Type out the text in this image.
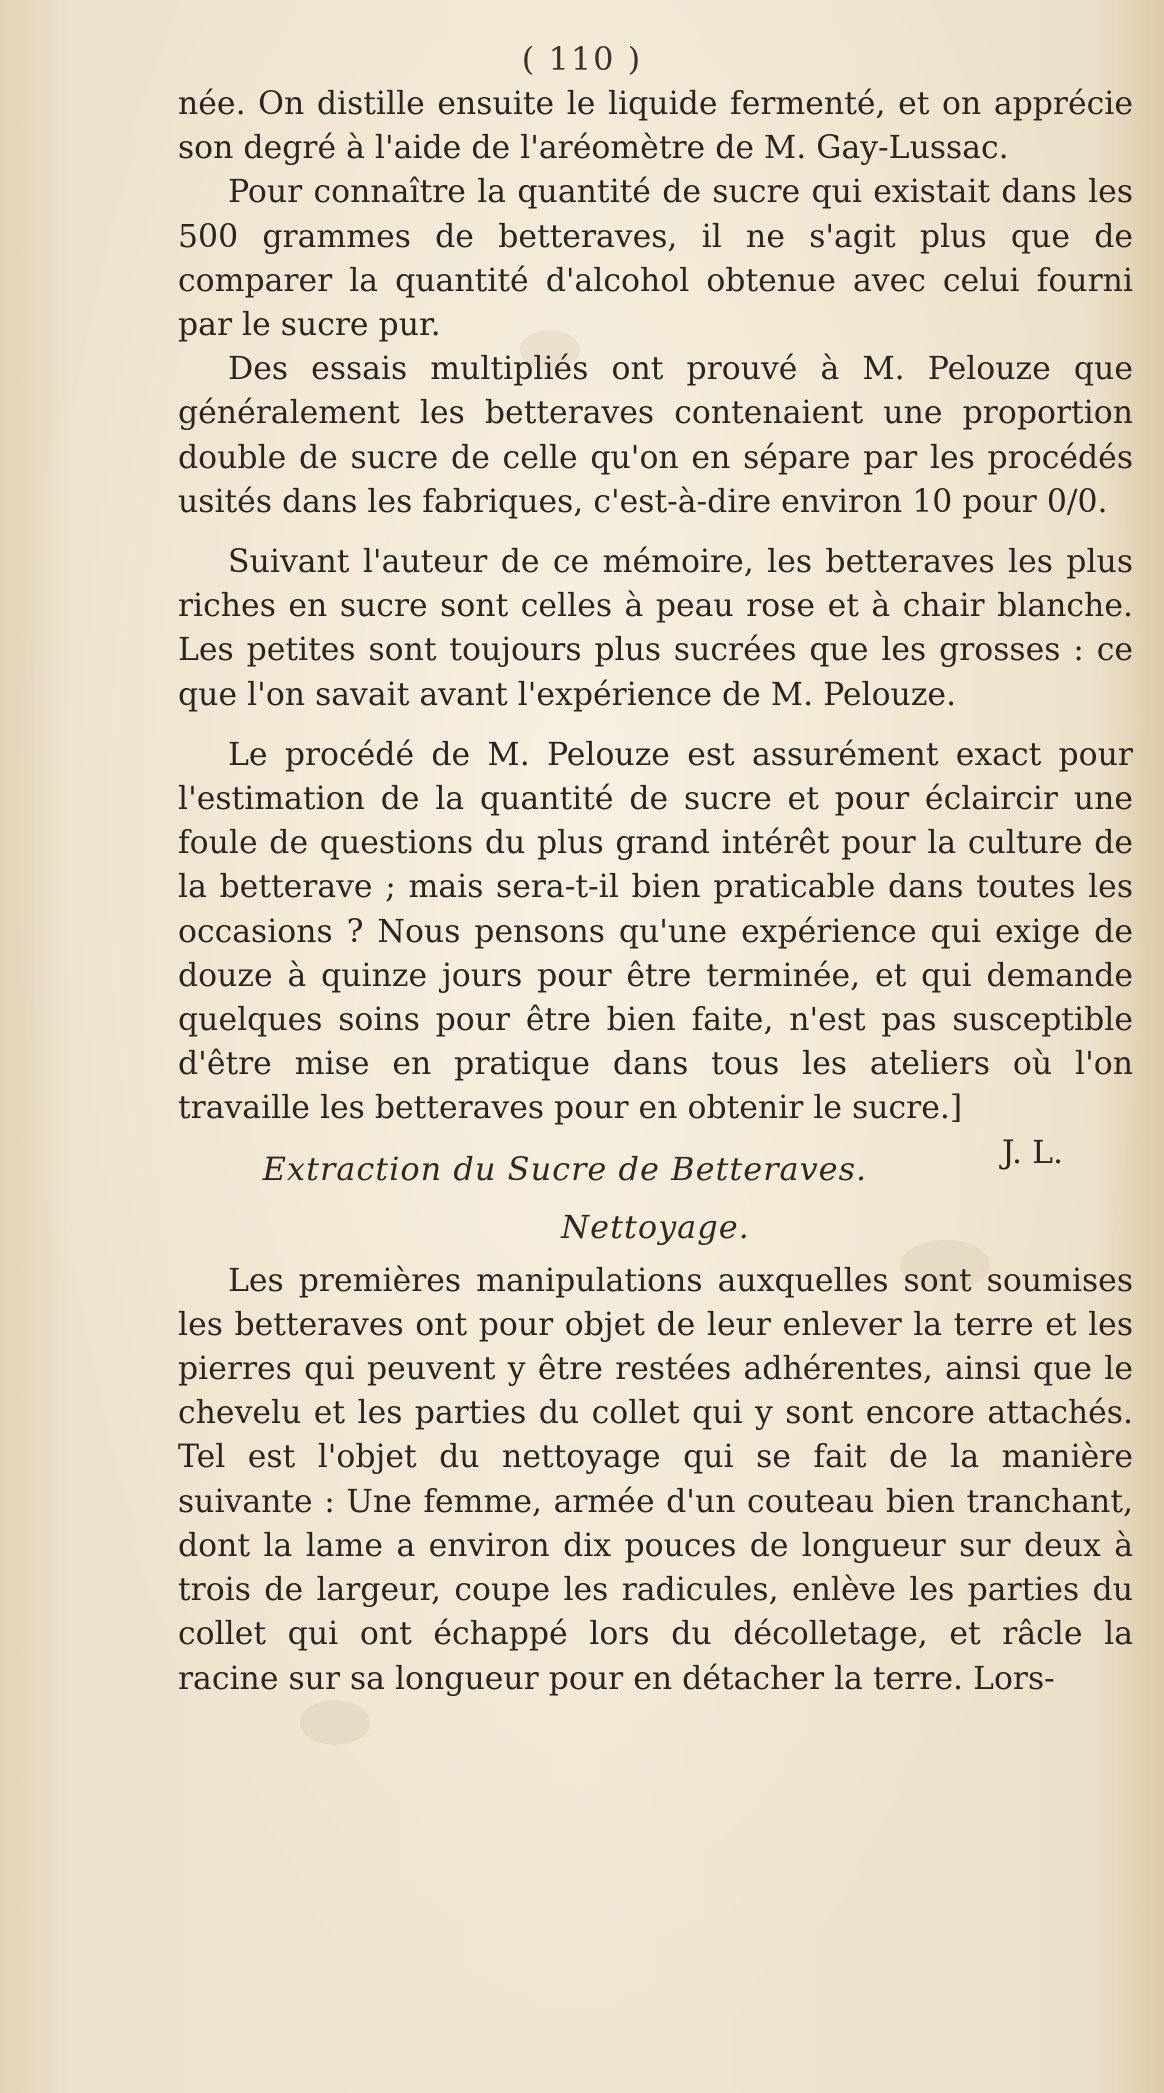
( 110 )

née. On distille ensuite le liquide fermenté, et on apprécie son degré à l'aide de l'aréomètre de M. Gay-Lussac.

Pour connaître la quantité de sucre qui existait dans les 500 grammes de betteraves, il ne s'agit plus que de comparer la quantité d'alcohol obtenue avec celui fourni par le sucre pur.

Des essais multipliés ont prouvé à M. Pelouze que généralement les betteraves contenaient une proportion double de sucre de celle qu'on en sépare par les procédés usités dans les fabriques, c'est-à-dire environ 10 pour 0/0.

Suivant l'auteur de ce mémoire, les betteraves les plus riches en sucre sont celles à peau rose et à chair blanche. Les petites sont toujours plus sucrées que les grosses : ce que l'on savait avant l'expérience de M. Pelouze.

Le procédé de M. Pelouze est assurément exact pour l'estimation de la quantité de sucre et pour éclaircir une foule de questions du plus grand intérêt pour la culture de la betterave ; mais sera-t-il bien praticable dans toutes les occasions ? Nous pensons qu'une expérience qui exige de douze à quinze jours pour être terminée, et qui demande quelques soins pour être bien faite, n'est pas susceptible d'être mise en pratique dans tous les ateliers où l'on travaille les betteraves pour en obtenir le sucre.]
J. L.

Extraction du Sucre de Betteraves.
Nettoyage.

Les premières manipulations auxquelles sont soumises les betteraves ont pour objet de leur enlever la terre et les pierres qui peuvent y être restées adhérentes, ainsi que le chevelu et les parties du collet qui y sont encore attachés. Tel est l'objet du nettoyage qui se fait de la manière suivante : Une femme, armée d'un couteau bien tranchant, dont la lame a environ dix pouces de longueur sur deux à trois de largeur, coupe les radicules, enlève les parties du collet qui ont échappé lors du décolletage, et râcle la racine sur sa longueur pour en détacher la terre. Lors-
